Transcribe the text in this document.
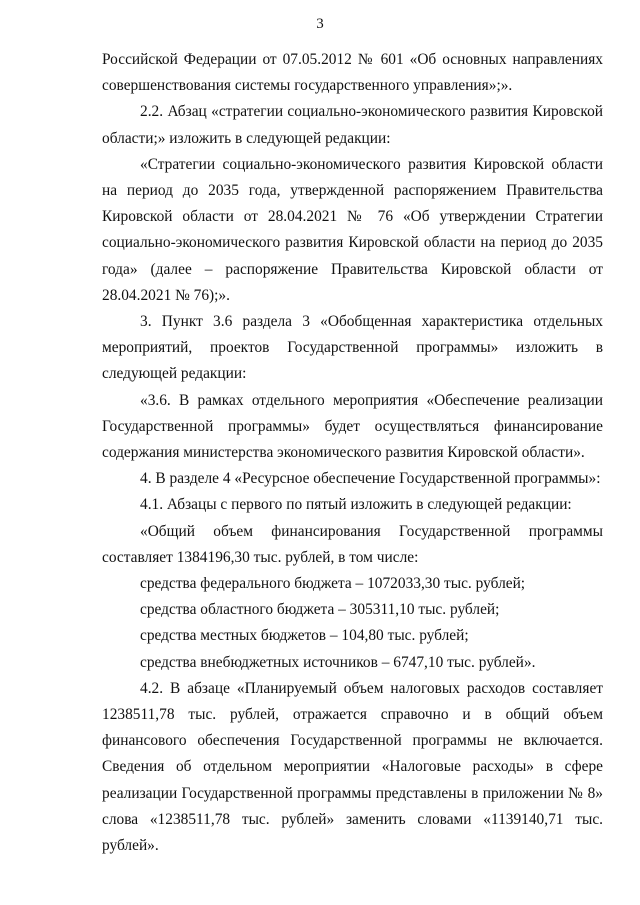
3

Российской Федерации от 07.05.2012 № 601 «Об основных направлениях совершенствования системы государственного управления»;».

2.2. Абзац «стратегии социально-экономического развития Кировской области;» изложить в следующей редакции:

«Стратегии социально-экономического развития Кировской области на период до 2035 года, утвержденной распоряжением Правительства Кировской области от 28.04.2021 № 76 «Об утверждении Стратегии социально-экономического развития Кировской области на период до 2035 года» (далее – распоряжение Правительства Кировской области от 28.04.2021 № 76);».

3. Пункт 3.6 раздела 3 «Обобщенная характеристика отдельных мероприятий, проектов Государственной программы» изложить в следующей редакции:

«3.6. В рамках отдельного мероприятия «Обеспечение реализации Государственной программы» будет осуществляться финансирование содержания министерства экономического развития Кировской области».

4. В разделе 4 «Ресурсное обеспечение Государственной программы»:

4.1. Абзацы с первого по пятый изложить в следующей редакции:

«Общий объем финансирования Государственной программы составляет 1384196,30 тыс. рублей, в том числе:

средства федерального бюджета – 1072033,30 тыс. рублей;

средства областного бюджета – 305311,10 тыс. рублей;

средства местных бюджетов – 104,80 тыс. рублей;

средства внебюджетных источников – 6747,10 тыс. рублей».

4.2. В абзаце «Планируемый объем налоговых расходов составляет 1238511,78 тыс. рублей, отражается справочно и в общий объем финансового обеспечения Государственной программы не включается. Сведения об отдельном мероприятии «Налоговые расходы» в сфере реализации Государственной программы представлены в приложении № 8» слова «1238511,78 тыс. рублей» заменить словами «1139140,71 тыс. рублей».
